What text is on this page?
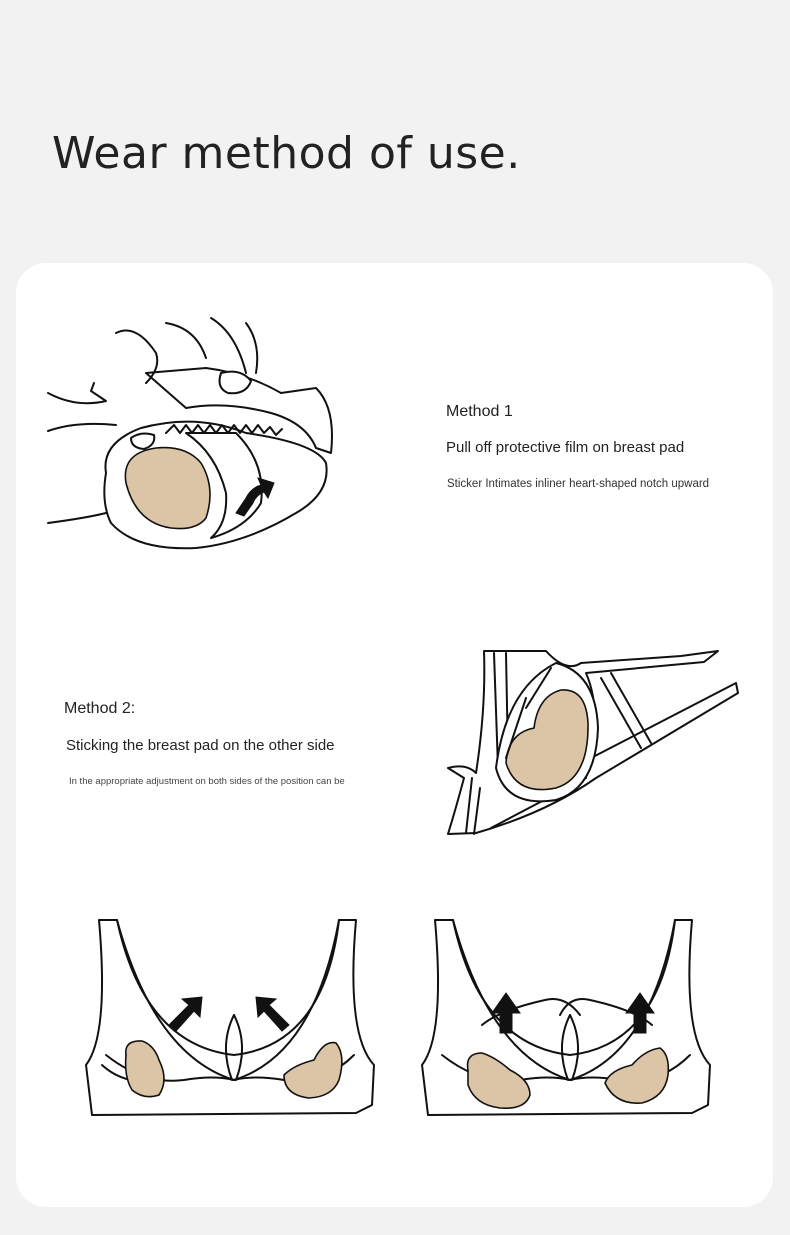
Wear method of use.
Method 1
Pull off protective film on breast pad
Sticker Intimates inliner heart-shaped notch upward
Method 2:
Sticking the breast pad on the other side
In the appropriate adjustment on both sides of the position can be
